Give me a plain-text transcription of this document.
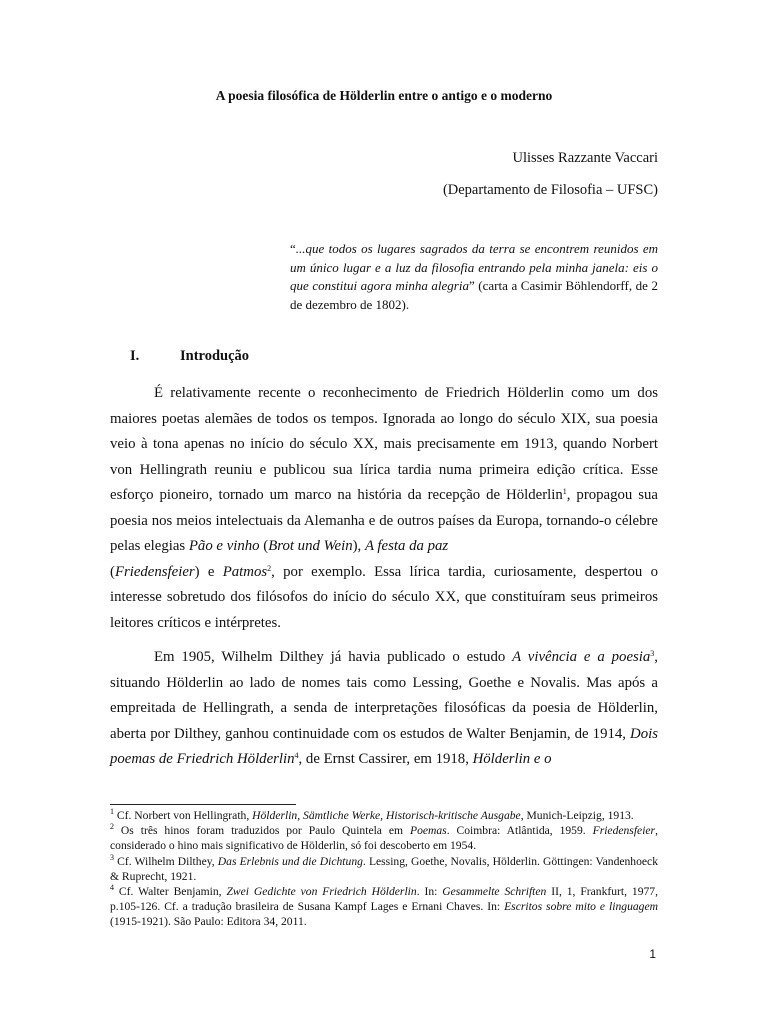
A poesia filosófica de Hölderlin entre o antigo e o moderno
Ulisses Razzante Vaccari
(Departamento de Filosofia – UFSC)
“...que todos os lugares sagrados da terra se encontrem reunidos em um único lugar e a luz da filosofia entrando pela minha janela: eis o que constitui agora minha alegria” (carta a Casimir Böhlendorff, de 2 de dezembro de 1802).
I.	Introdução

É relativamente recente o reconhecimento de Friedrich Hölderlin como um dos maiores poetas alemães de todos os tempos. Ignorada ao longo do século XIX, sua poesia veio à tona apenas no início do século XX, mais precisamente em 1913, quando Norbert von Hellingrath reuniu e publicou sua lírica tardia numa primeira edição crítica. Esse esforço pioneiro, tornado um marco na história da recepção de Hölderlin$^1$, propagou sua poesia nos meios intelectuais da Alemanha e de outros países da Europa, tornando-o célebre pelas elegias Pão e vinho (Brot und Wein), A festa da paz
(Friedensfeier) e Patmos$^2$, por exemplo. Essa lírica tardia, curiosamente, despertou o interesse sobretudo dos filósofos do início do século XX, que constituíram seus primeiros leitores críticos e intérpretes.

Em 1905, Wilhelm Dilthey já havia publicado o estudo A vivência e a poesia$^3$, situando Hölderlin ao lado de nomes tais como Lessing, Goethe e Novalis. Mas após a empreitada de Hellingrath, a senda de interpretações filosóficas da poesia de Hölderlin, aberta por Dilthey, ganhou continuidade com os estudos de Walter Benjamin, de 1914, Dois poemas de Friedrich Hölderlin$^4$, de Ernst Cassirer, em 1918, Hölderlin e o

$^1$ Cf. Norbert von Hellingrath, Hölderlin, Sämtliche Werke, Historisch-kritische Ausgabe, Munich-Leipzig, 1913.

$^2$ Os três hinos foram traduzidos por Paulo Quintela em Poemas. Coimbra: Atlântida, 1959. Friedensfeier, considerado o hino mais significativo de Hölderlin, só foi descoberto em 1954.

$^3$ Cf. Wilhelm Dilthey, Das Erlebnis und die Dichtung. Lessing, Goethe, Novalis, Hölderlin. Göttingen: Vandenhoeck & Ruprecht, 1921.

$^4$ Cf. Walter Benjamin, Zwei Gedichte von Friedrich Hölderlin. In: Gesammelte Schriften II, 1, Frankfurt, 1977, p.105-126. Cf. a tradução brasileira de Susana Kampf Lages e Ernani Chaves. In: Escritos sobre mito e linguagem (1915-1921). São Paulo: Editora 34, 2011.

1
